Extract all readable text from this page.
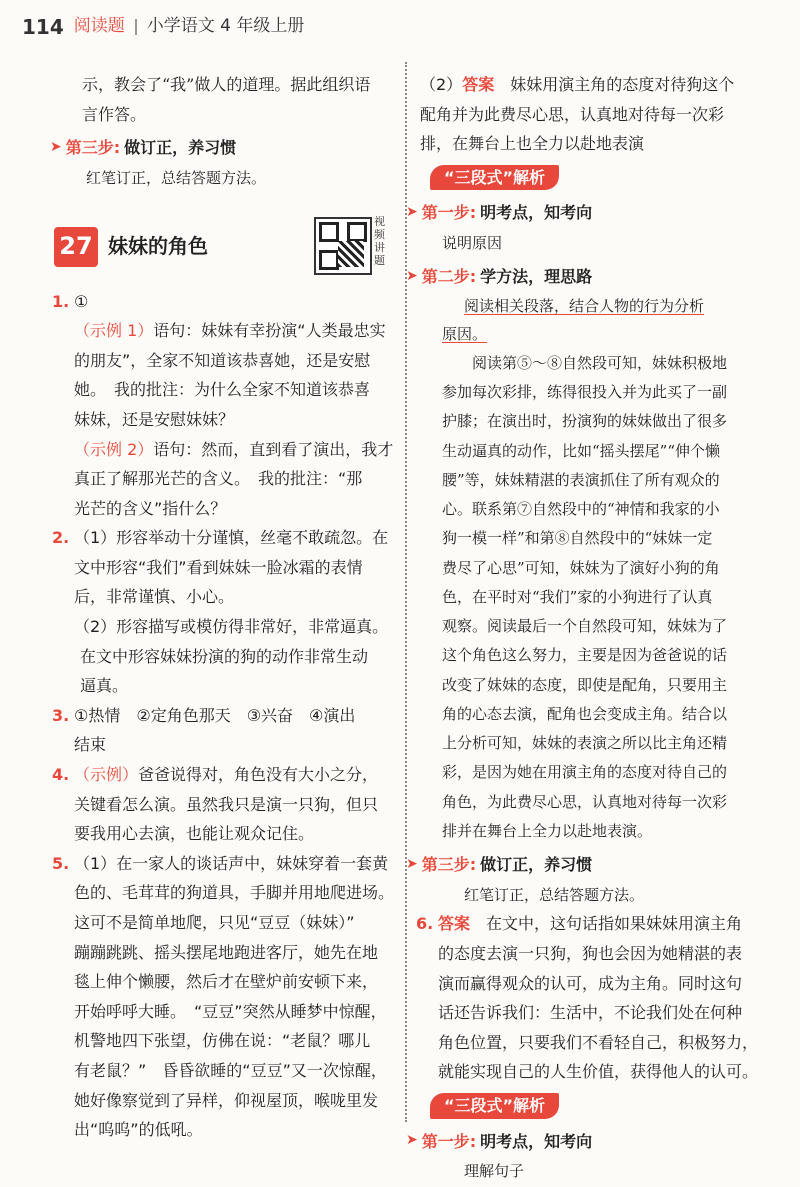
114 阅读题 小学语文 4 年级上册

示，教会了“我”做人的道理。据此组织语

言作答。

➤ 第三步: 做订正，养习惯

红笔订正，总结答题方法。

27 妹妹的角色
视频讲题

1. ①

（示例 1）语句：妹妹有幸扮演“人类最忠实

的朋友”，全家不知道该恭喜她，还是安慰

她。　我的批注：为什么全家不知道该恭喜

妹妹，还是安慰妹妹？

（示例 2）语句：然而，直到看了演出，我才

真正了解那光芒的含义。　我的批注：“那

光芒的含义”指什么？

2. （1）形容举动十分谨慎，丝毫不敢疏忽。在

文中形容“我们”看到妹妹一脸冰霜的表情

后，非常谨慎、小心。

（2）形容描写或模仿得非常好，非常逼真。

在文中形容妹妹扮演的狗的动作非常生动

逼真。

3. ①热情　②定角色那天　③兴奋　④演出

结束

4. （示例）爸爸说得对，角色没有大小之分，

关键看怎么演。虽然我只是演一只狗，但只

要我用心去演，也能让观众记住。

5. （1）在一家人的谈话声中，妹妹穿着一套黄

色的、毛茸茸的狗道具，手脚并用地爬进场。

这可不是简单地爬，只见“豆豆（妹妹）”

蹦蹦跳跳、摇头摆尾地跑进客厅，她先在地

毯上伸个懒腰，然后才在壁炉前安顿下来，

开始呼呼大睡。　“豆豆”突然从睡梦中惊醒，

机警地四下张望，仿佛在说：“老鼠？哪儿

有老鼠？”　昏昏欲睡的“豆豆”又一次惊醒，

她好像察觉到了异样，仰视屋顶，喉咙里发

出“呜呜”的低吼。

（2）答案　 妹妹用演主角的态度对待狗这个

配角并为此费尽心思，认真地对待每一次彩

排，在舞台上也全力以赴地表演

“三段式”解析
➤ 第一步: 明考点，知考向

说明原因

➤ 第二步: 学方法，理思路

阅读相关段落，结合人物的行为分析

原因。

阅读第⑤～⑧自然段可知，妹妹积极地

参加每次彩排，练得很投入并为此买了一副

护膝；在演出时，扮演狗的妹妹做出了很多

生动逼真的动作，比如“摇头摆尾”“伸个懒

腰”等，妹妹精湛的表演抓住了所有观众的

心。联系第⑦自然段中的“神情和我家的小

狗一模一样”和第⑧自然段中的“妹妹一定

费尽了心思”可知，妹妹为了演好小狗的角

色，在平时对“我们”家的小狗进行了认真

观察。阅读最后一个自然段可知，妹妹为了

这个角色这么努力，主要是因为爸爸说的话

改变了妹妹的态度，即使是配角，只要用主

角的心态去演，配角也会变成主角。结合以

上分析可知，妹妹的表演之所以比主角还精

彩，是因为她在用演主角的态度对待自己的

角色，为此费尽心思，认真地对待每一次彩

排并在舞台上全力以赴地表演。

➤ 第三步: 做订正，养习惯

红笔订正，总结答题方法。

6. 答案　 在文中，这句话指如果妹妹用演主角

的态度去演一只狗，狗也会因为她精湛的表

演而赢得观众的认可，成为主角。同时这句

话还告诉我们：生活中，不论我们处在何种

角色位置，只要我们不看轻自己，积极努力，

就能实现自己的人生价值，获得他人的认可。

“三段式”解析
➤ 第一步: 明考点，知考向

理解句子
